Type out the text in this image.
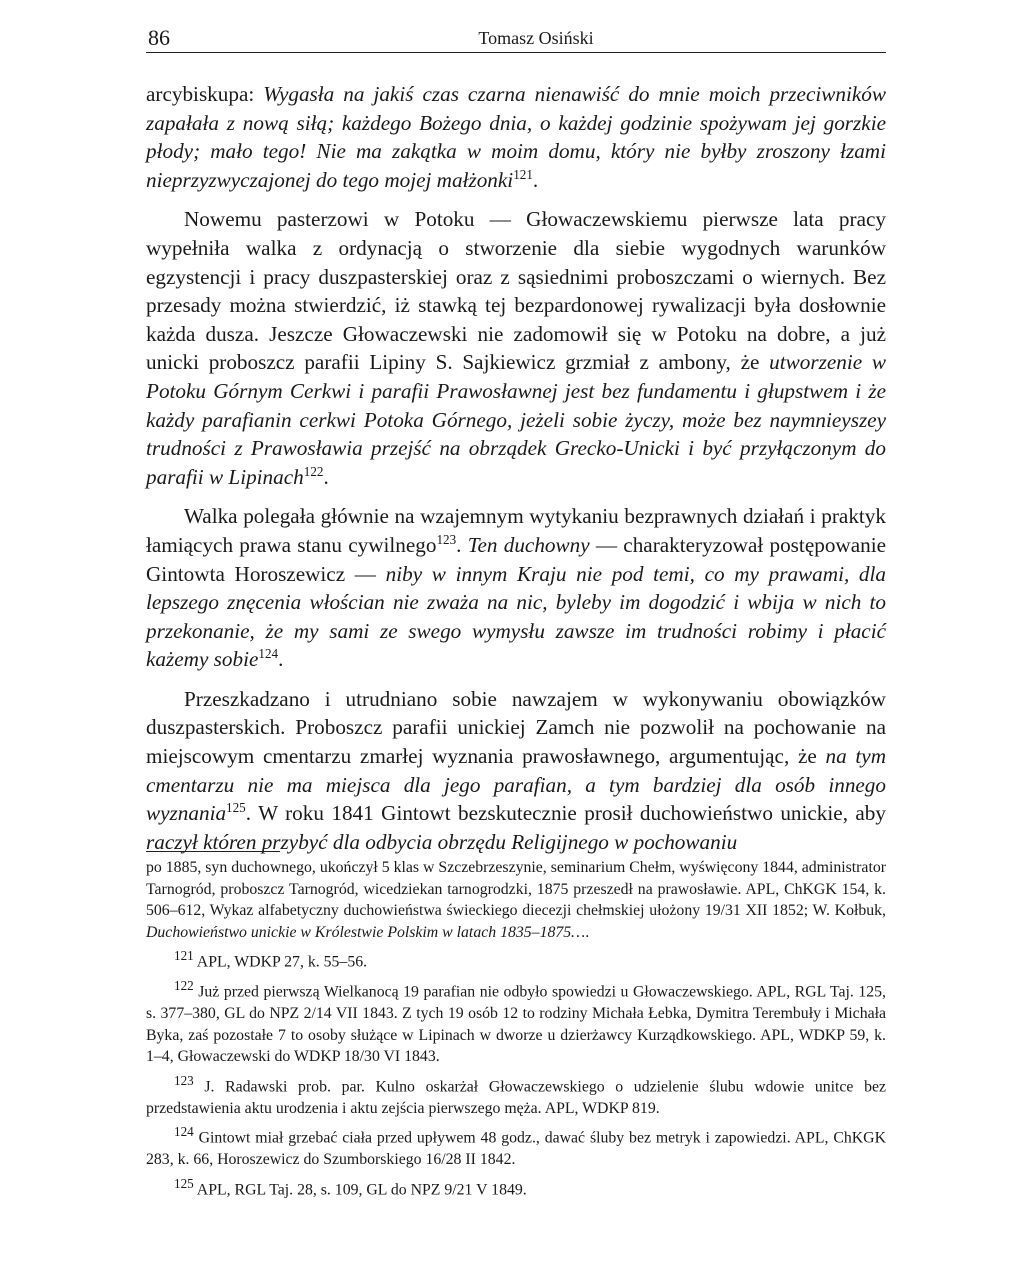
86	Tomasz Osiński

arcybiskupa: Wygasła na jakiś czas czarna nienawiść do mnie moich przeciwników zapałała z nową siłą; każdego Bożego dnia, o każdej godzinie spożywam jej gorzkie płody; mało tego! Nie ma zakątka w moim domu, który nie byłby zroszony łzami nieprzyzwyczajonej do tego mojej małżonki$^{121}$.

Nowemu pasterzowi w Potoku — Głowaczewskiemu pierwsze lata pracy wypełniła walka z ordynacją o stworzenie dla siebie wygodnych warunków egzystencji i pracy duszpasterskiej oraz z sąsiednimi proboszczami o wiernych. Bez przesady można stwierdzić, iż stawką tej bezpardonowej rywalizacji była dosłownie każda dusza. Jeszcze Głowaczewski nie zadomowił się w Potoku na dobre, a już unicki proboszcz parafii Lipiny S. Sajkiewicz grzmiał z ambony, że utworzenie w Potoku Górnym Cerkwi i parafii Prawosławnej jest bez fundamentu i głupstwem i że każdy parafianin cerkwi Potoka Górnego, jeżeli sobie życzy, może bez naymnieyszey trudności z Prawosławia przejść na obrządek Grecko-Unicki i być przyłączonym do parafii w Lipinach$^{122}$.

Walka polegała głównie na wzajemnym wytykaniu bezprawnych działań i praktyk łamiących prawa stanu cywilnego$^{123}$. Ten duchowny — charakteryzował postępowanie Gintowta Horoszewicz — niby w innym Kraju nie pod temi, co my prawami, dla lepszego znęcenia włościan nie zważa na nic, byleby im dogodzić i wbija w nich to przekonanie, że my sami ze swego wymysłu zawsze im trudności robimy i płacić każemy sobie$^{124}$.

Przeszkadzano i utrudniano sobie nawzajem w wykonywaniu obowiązków duszpasterskich. Proboszcz parafii unickiej Zamch nie pozwolił na pochowanie na miejscowym cmentarzu zmarłej wyznania prawosławnego, argumentując, że na tym cmentarzu nie ma miejsca dla jego parafian, a tym bardziej dla osób innego wyznania$^{125}$. W roku 1841 Gintowt bezskutecznie prosił duchowieństwo unickie, aby raczył któren przybyć dla odbycia obrzędu Religijnego w pochowaniu

po 1885, syn duchownego, ukończył 5 klas w Szczebrzeszynie, seminarium Chełm, wyświęcony 1844, administrator Tarnogród, proboszcz Tarnogród, wicedziekan tarnogrodzki, 1875 przeszedł na prawosławie. APL, ChKGK 154, k. 506–612, Wykaz alfabetyczny duchowieństwa świeckiego diecezji chełmskiej ułożony 19/31 XII 1852; W. Kołbuk, Duchowieństwo unickie w Królestwie Polskim w latach 1835–1875….

$^{121}$ APL, WDKP 27, k. 55–56.

$^{122}$ Już przed pierwszą Wielkanocą 19 parafian nie odbyło spowiedzi u Głowaczewskiego. APL, RGL Taj. 125, s. 377–380, GL do NPZ 2/14 VII 1843. Z tych 19 osób 12 to rodziny Michała Łebka, Dymitra Terembuły i Michała Byka, zaś pozostałe 7 to osoby służące w Lipinach w dworze u dzierżawcy Kurządkowskiego. APL, WDKP 59, k. 1–4, Głowaczewski do WDKP 18/30 VI 1843.

$^{123}$ J. Radawski prob. par. Kulno oskarżał Głowaczewskiego o udzielenie ślubu wdowie unitce bez przedstawienia aktu urodzenia i aktu zejścia pierwszego męża. APL, WDKP 819.

$^{124}$ Gintowt miał grzebać ciała przed upływem 48 godz., dawać śluby bez metryk i zapowiedzi. APL, ChKGK 283, k. 66, Horoszewicz do Szumborskiego 16/28 II 1842.

$^{125}$ APL, RGL Taj. 28, s. 109, GL do NPZ 9/21 V 1849.
